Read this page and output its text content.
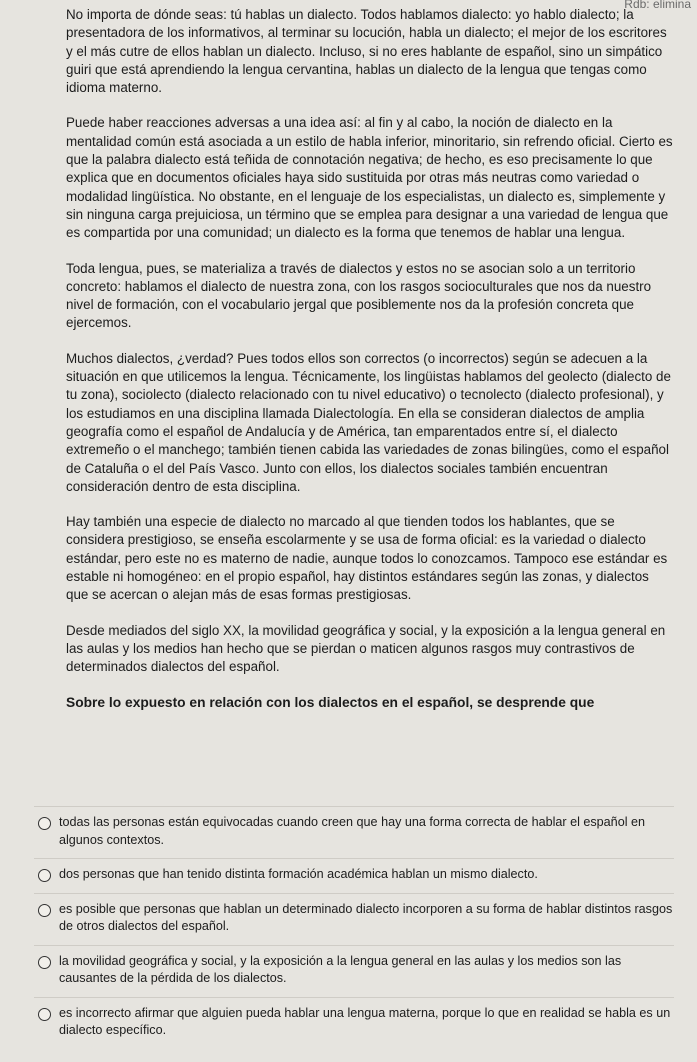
Rdb: elimina

No importa de dónde seas: tú hablas un dialecto. Todos hablamos dialecto: yo hablo dialecto; la presentadora de los informativos, al terminar su locución, habla un dialecto; el mejor de los escritores y el más cutre de ellos hablan un dialecto. Incluso, si no eres hablante de español, sino un simpático guiri que está aprendiendo la lengua cervantina, hablas un dialecto de la lengua que tengas como idioma materno.

Puede haber reacciones adversas a una idea así: al fin y al cabo, la noción de dialecto en la mentalidad común está asociada a un estilo de habla inferior, minoritario, sin refrendo oficial. Cierto es que la palabra dialecto está teñida de connotación negativa; de hecho, es eso precisamente lo que explica que en documentos oficiales haya sido sustituida por otras más neutras como variedad o modalidad lingüística. No obstante, en el lenguaje de los especialistas, un dialecto es, simplemente y sin ninguna carga prejuiciosa, un término que se emplea para designar a una variedad de lengua que es compartida por una comunidad; un dialecto es la forma que tenemos de hablar una lengua.

Toda lengua, pues, se materializa a través de dialectos y estos no se asocian solo a un territorio concreto: hablamos el dialecto de nuestra zona, con los rasgos socioculturales que nos da nuestro nivel de formación, con el vocabulario jergal que posiblemente nos da la profesión concreta que ejercemos.

Muchos dialectos, ¿verdad? Pues todos ellos son correctos (o incorrectos) según se adecuen a la situación en que utilicemos la lengua. Técnicamente, los lingüistas hablamos del geolecto (dialecto de tu zona), sociolecto (dialecto relacionado con tu nivel educativo) o tecnolecto (dialecto profesional), y los estudiamos en una disciplina llamada Dialectología. En ella se consideran dialectos de amplia geografía como el español de Andalucía y de América, tan emparentados entre sí, el dialecto extremeño o el manchego; también tienen cabida las variedades de zonas bilingües, como el español de Cataluña o el del País Vasco. Junto con ellos, los dialectos sociales también encuentran consideración dentro de esta disciplina.

Hay también una especie de dialecto no marcado al que tienden todos los hablantes, que se considera prestigioso, se enseña escolarmente y se usa de forma oficial: es la variedad o dialecto estándar, pero este no es materno de nadie, aunque todos lo conozcamos. Tampoco ese estándar es estable ni homogéneo: en el propio español, hay distintos estándares según las zonas, y dialectos que se acercan o alejan más de esas formas prestigiosas.

Desde mediados del siglo XX, la movilidad geográfica y social, y la exposición a la lengua general en las aulas y los medios han hecho que se pierdan o maticen algunos rasgos muy contrastivos de determinados dialectos del español.

Sobre lo expuesto en relación con los dialectos en el español, se desprende que

todas las personas están equivocadas cuando creen que hay una forma correcta de hablar el español en algunos contextos.
dos personas que han tenido distinta formación académica hablan un mismo dialecto.
es posible que personas que hablan un determinado dialecto incorporen a su forma de hablar distintos rasgos de otros dialectos del español.
la movilidad geográfica y social, y la exposición a la lengua general en las aulas y los medios son las causantes de la pérdida de los dialectos.
es incorrecto afirmar que alguien pueda hablar una lengua materna, porque lo que en realidad se habla es un dialecto específico.
